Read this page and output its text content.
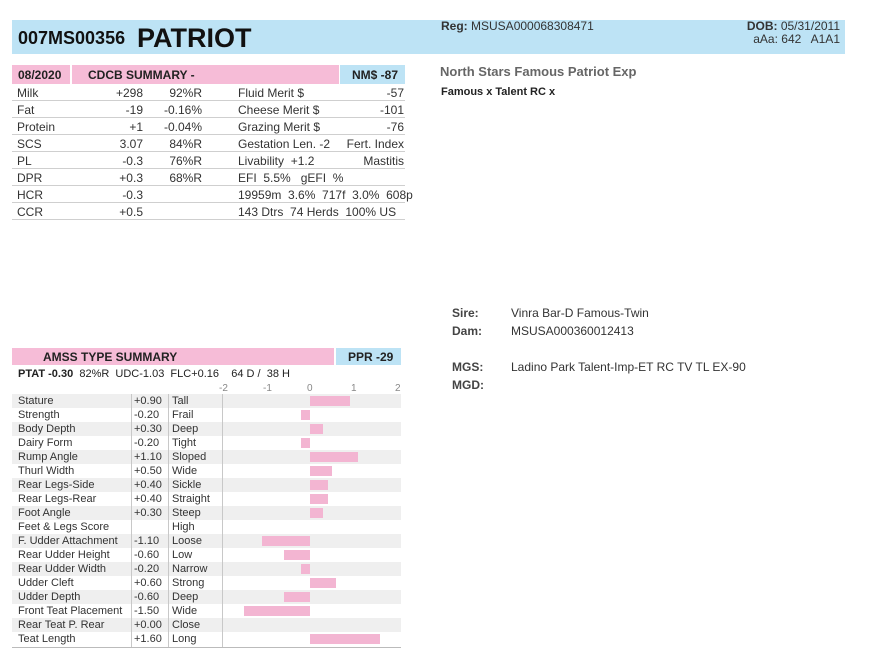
007MS00356 PATRIOT	Reg: MSUSA000068308471	DOB: 05/31/2011
aAa: 642   A1A1
08/2020	CDCB SUMMARY -	NM$ -87
Milk	+298 92%R	Fluid Merit $	-57
Fat	-19 -0.16%	Cheese Merit $	-101
Protein	+1 -0.04%	Grazing Merit $	-76
SCS	3.07 84%R	Gestation Len. -2 Fert. Index
PL	-0.3 76%R	Livability  +1.2	Mastitis
DPR	+0.3 68%R	EFI  5.5%   gEFI  %
HCR	-0.3	19959m  3.6%  717f  3.0%  608p
CCR	+0.5	143 Dtrs  74 Herds  100% US
North Stars Famous Patriot Exp
Famous x Talent RC x
Sire:	Vinra Bar-D Famous-Twin
Dam: MSUSA000360012413
MGS: Ladino Park Talent-Imp-ET RC TV TL EX-90
MGD:
AMSS TYPE SUMMARY	PPR -29
PTAT -0.30 82%R  UDC-1.03  FLC+0.16    64 D /  38 H
-2	-1	0	1	2
Stature	+0.90 Tall
Strength	-0.20 Frail
Body Depth	+0.30 Deep
Dairy Form	-0.20 Tight
Rump Angle	+1.10 Sloped
Thurl Width	+0.50 Wide
Rear Legs-Side	+0.40 Sickle
Rear Legs-Rear	+0.40 Straight
Foot Angle	+0.30 Steep
Feet & Legs Score	High
F. Udder Attachment -1.10 Loose
Rear Udder Height -0.60 Low
Rear Udder Width	-0.20 Narrow
Udder Cleft	+0.60 Strong
Udder Depth	-0.60 Deep
Front Teat Placement -1.50 Wide
Rear Teat P. Rear	+0.00 Close
Teat Length	+1.60 Long
